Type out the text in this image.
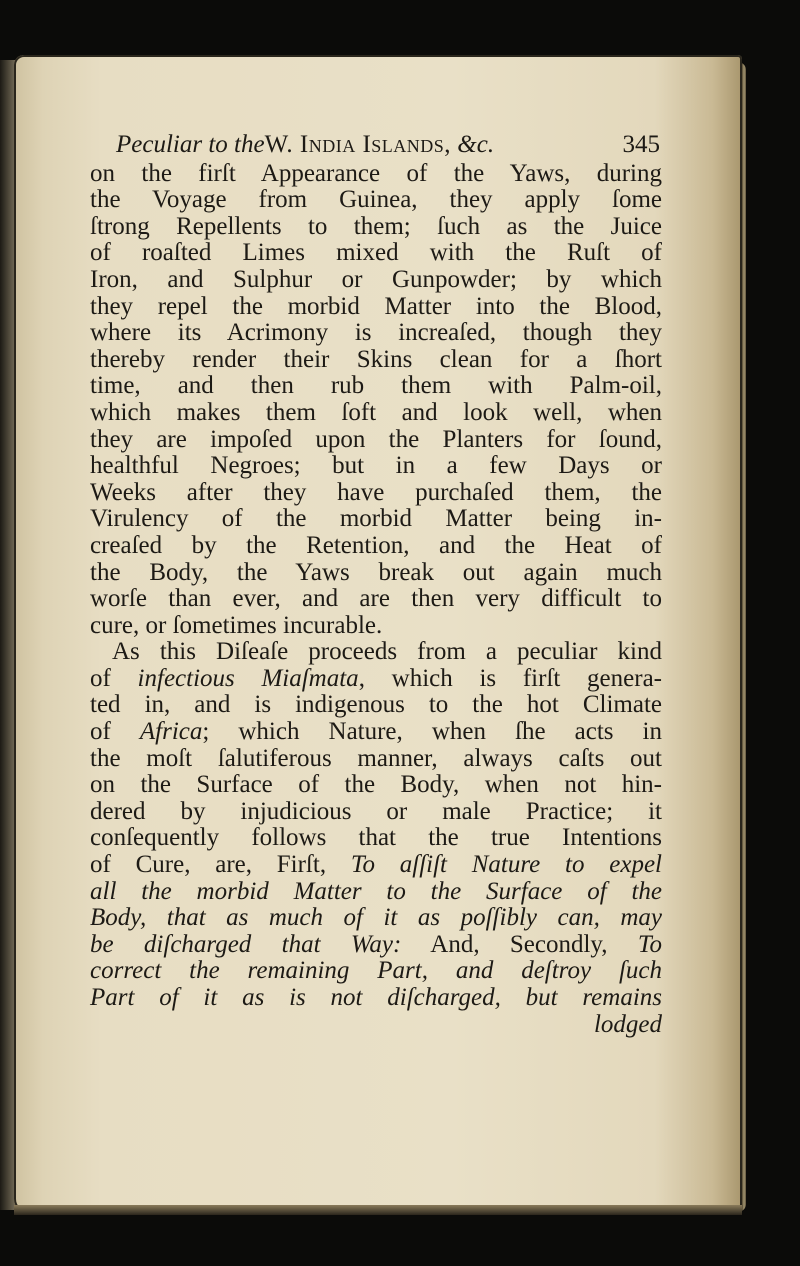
Peculiar to theW. India Islands, &c.	345
on the firſt Appearance of the Yaws, during
the Voyage from Guinea, they apply ſome
ſtrong Repellents to them; ſuch as the Juice
of roaſted Limes mixed with the Ruſt of
Iron, and Sulphur or Gunpowder; by which
they repel the morbid Matter into the Blood,
where its Acrimony is increaſed, though they
thereby render their Skins clean for a ſhort
time, and then rub them with Palm-oil,
which makes them ſoft and look well, when
they are impoſed upon the Planters for ſound,
healthful Negroes; but in a few Days or
Weeks after they have purchaſed them, the
Virulency of the morbid Matter being in-
creaſed by the Retention, and the Heat of
the Body, the Yaws break out again much
worſe than ever, and are then very difficult to
cure, or ſometimes incurable.
As this Diſeaſe proceeds from a peculiar kind
of infectious Miaſmata, which is firſt genera-
ted in, and is indigenous to the hot Climate
of Africa; which Nature, when ſhe acts in
the moſt ſalutiferous manner, always caſts out
on the Surface of the Body, when not hin-
dered by injudicious or male Practice; it
conſequently follows that the true Intentions
of Cure, are, Firſt, To aſſiſt Nature to expel
all the morbid Matter to the Surface of the
Body, that as much of it as poſſibly can, may
be diſcharged that Way: And, Secondly, To
correct the remaining Part, and deſtroy ſuch
Part of it as is not diſcharged, but remains
lodged
